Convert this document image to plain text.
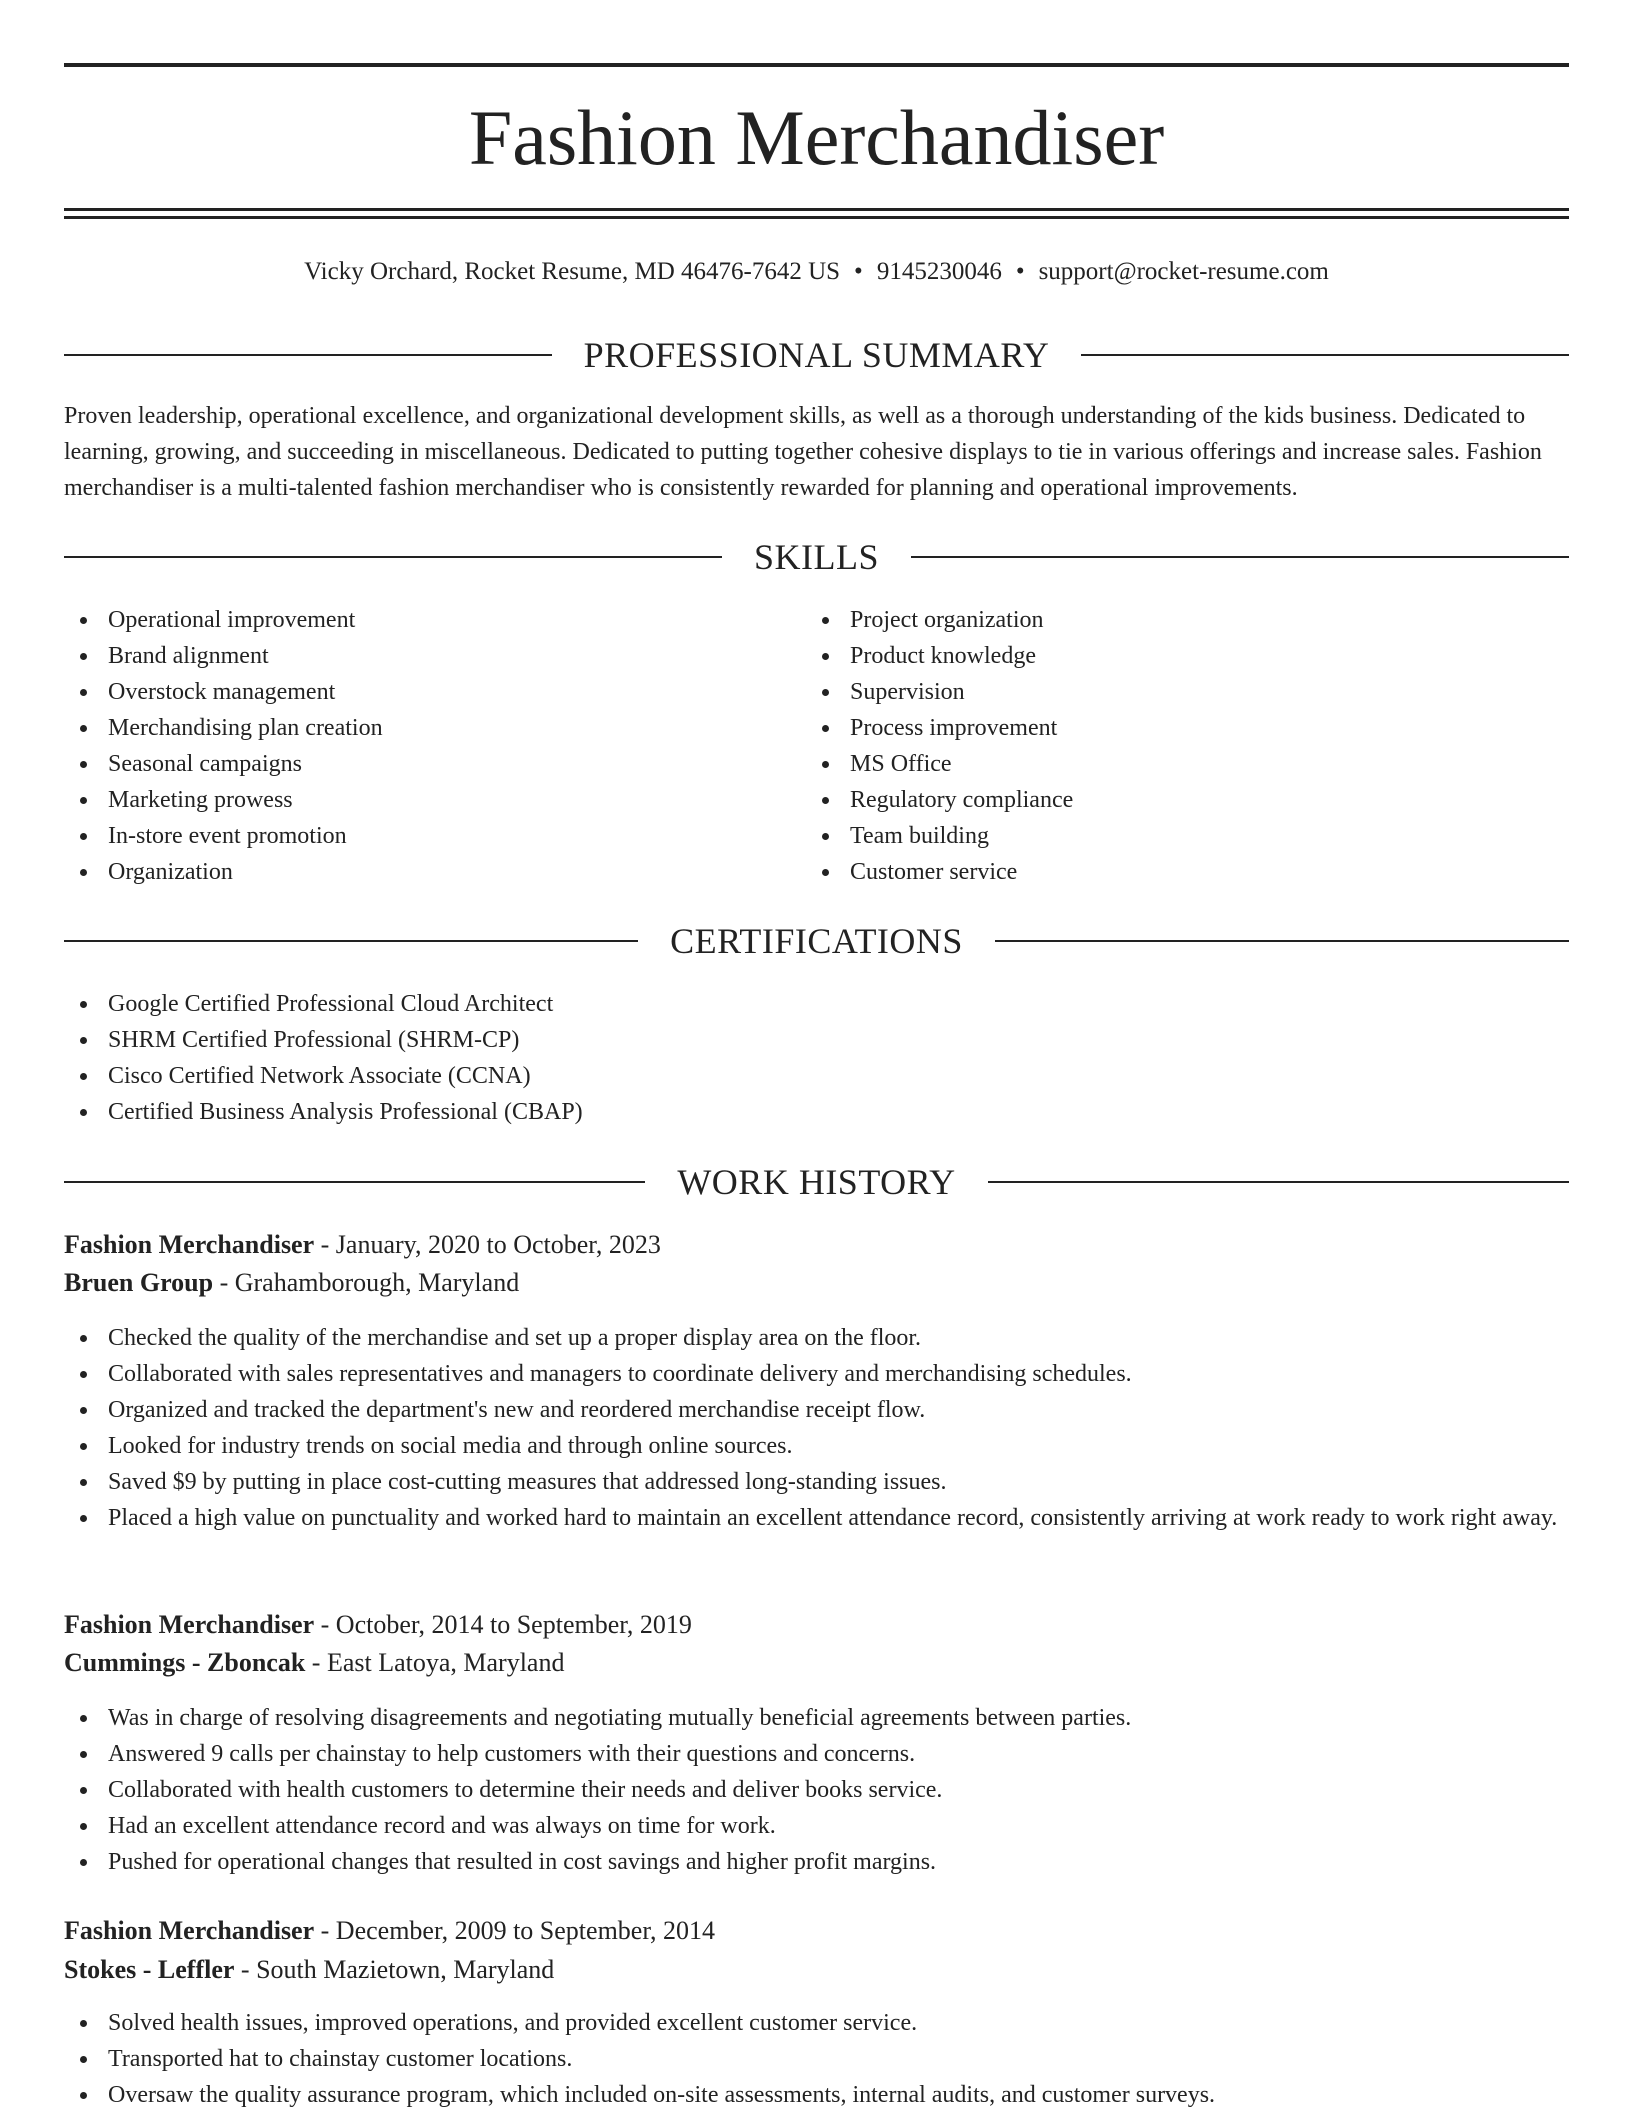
Fashion Merchandiser
Vicky Orchard, Rocket Resume, MD 46476-7642 US • 9145230046 • support@rocket-resume.com
PROFESSIONAL SUMMARY

Proven leadership, operational excellence, and organizational development skills, as well as a thorough understanding of the kids business. Dedicated to learning, growing, and succeeding in miscellaneous. Dedicated to putting together cohesive displays to tie in various offerings and increase sales. Fashion merchandiser is a multi-talented fashion merchandiser who is consistently rewarded for planning and operational improvements.

SKILLS
Operational improvement
Brand alignment
Overstock management
Merchandising plan creation
Seasonal campaigns
Marketing prowess
In-store event promotion
Organization
Project organization
Product knowledge
Supervision
Process improvement
MS Office
Regulatory compliance
Team building
Customer service
CERTIFICATIONS
Google Certified Professional Cloud Architect
SHRM Certified Professional (SHRM-CP)
Cisco Certified Network Associate (CCNA)
Certified Business Analysis Professional (CBAP)
WORK HISTORY
Fashion Merchandiser - January, 2020 to October, 2023
Bruen Group - Grahamborough, Maryland
Checked the quality of the merchandise and set up a proper display area on the floor.
Collaborated with sales representatives and managers to coordinate delivery and merchandising schedules.
Organized and tracked the department's new and reordered merchandise receipt flow.
Looked for industry trends on social media and through online sources.
Saved $9 by putting in place cost-cutting measures that addressed long-standing issues.
Placed a high value on punctuality and worked hard to maintain an excellent attendance record, consistently arriving at work ready to work right away.
Fashion Merchandiser - October, 2014 to September, 2019
Cummings - Zboncak - East Latoya, Maryland
Was in charge of resolving disagreements and negotiating mutually beneficial agreements between parties.
Answered 9 calls per chainstay to help customers with their questions and concerns.
Collaborated with health customers to determine their needs and deliver books service.
Had an excellent attendance record and was always on time for work.
Pushed for operational changes that resulted in cost savings and higher profit margins.
Fashion Merchandiser - December, 2009 to September, 2014
Stokes - Leffler - South Mazietown, Maryland
Solved health issues, improved operations, and provided excellent customer service.
Transported hat to chainstay customer locations.
Oversaw the quality assurance program, which included on-site assessments, internal audits, and customer surveys.
